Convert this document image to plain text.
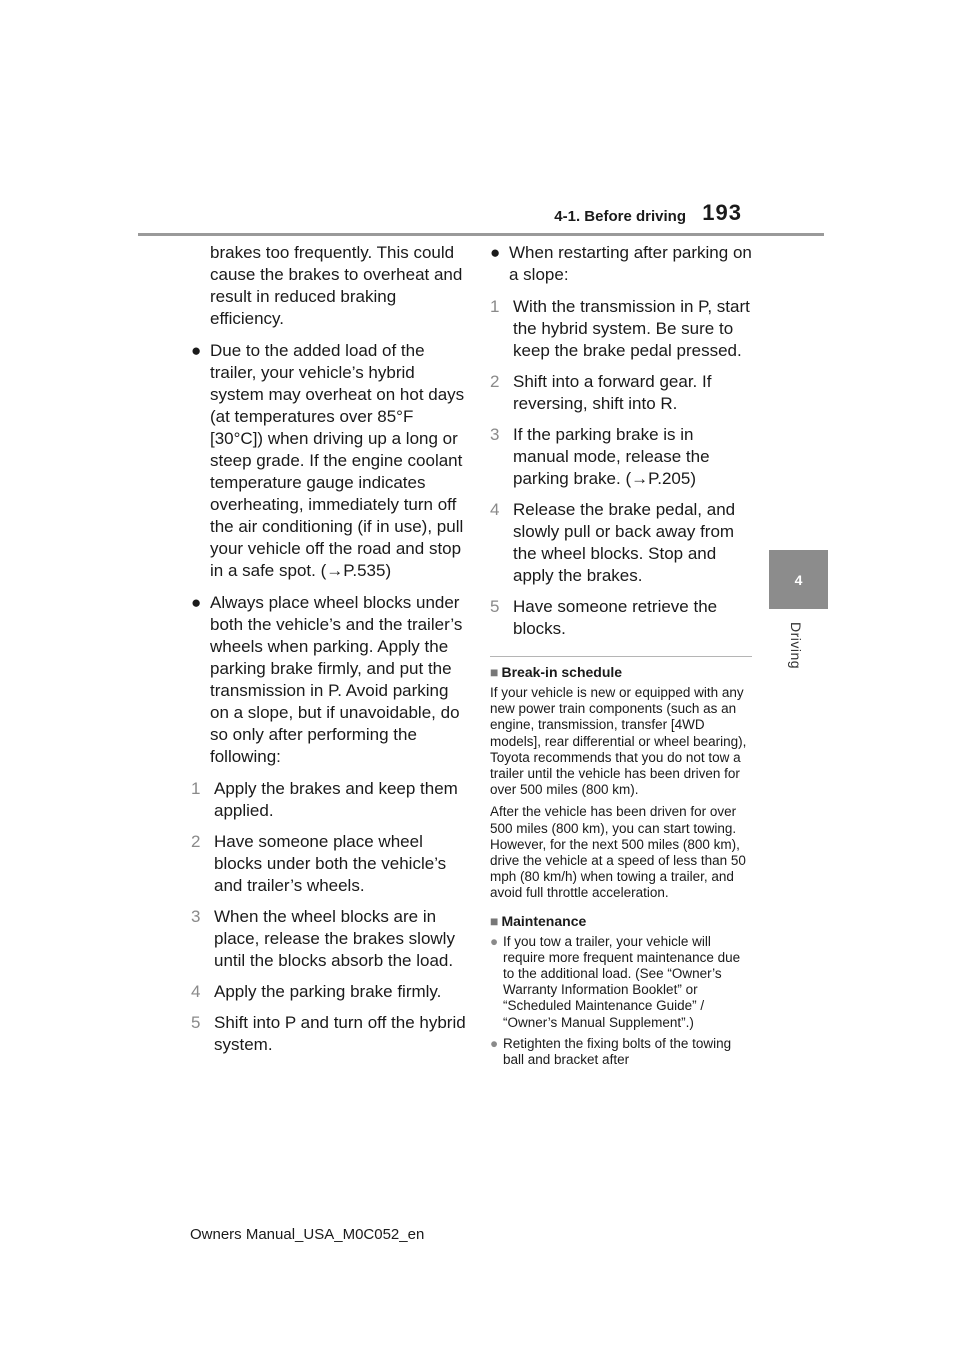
4-1. Before driving 193
4
Driving

brakes too frequently. This could cause the brakes to overheat and result in reduced braking efficiency.

● Due to the added load of the trailer, your vehicle’s hybrid system may overheat on hot days (at temperatures over 85°F [30°C]) when driving up a long or steep grade. If the engine coolant temperature gauge indicates overheating, immediately turn off the air conditioning (if in use), pull your vehicle off the road and stop in a safe spot. (→P.535)
● Always place wheel blocks under both the vehicle’s and the trailer’s wheels when parking. Apply the parking brake firmly, and put the transmission in P. Avoid parking on a slope, but if unavoidable, do so only after performing the following:
1 Apply the brakes and keep them applied.
2 Have someone place wheel blocks under both the vehicle’s and trailer’s wheels.
3 When the wheel blocks are in place, release the brakes slowly until the blocks absorb the load.
4 Apply the parking brake firmly.
5 Shift into P and turn off the hybrid system.
● When restarting after parking on a slope:
1 With the transmission in P, start the hybrid system. Be sure to keep the brake pedal pressed.
2 Shift into a forward gear. If reversing, shift into R.
3 If the parking brake is in manual mode, release the parking brake. (→P.205)
4 Release the brake pedal, and slowly pull or back away from the wheel blocks. Stop and apply the brakes.
5 Have someone retrieve the blocks.

■ Break-in schedule

If your vehicle is new or equipped with any new power train components (such as an engine, transmission, transfer [4WD models], rear differential or wheel bearing), Toyota recommends that you do not tow a trailer until the vehicle has been driven for over 500 miles (800 km).

After the vehicle has been driven for over 500 miles (800 km), you can start towing. However, for the next 500 miles (800 km), drive the vehicle at a speed of less than 50 mph (80 km/h) when towing a trailer, and avoid full throttle acceleration.

■ Maintenance

● If you tow a trailer, your vehicle will require more frequent maintenance due to the additional load. (See “Owner’s Warranty Information Booklet” or “Scheduled Maintenance Guide” / “Owner’s Manual Supplement”.)
● Retighten the fixing bolts of the towing ball and bracket after
Owners Manual_USA_M0C052_en
